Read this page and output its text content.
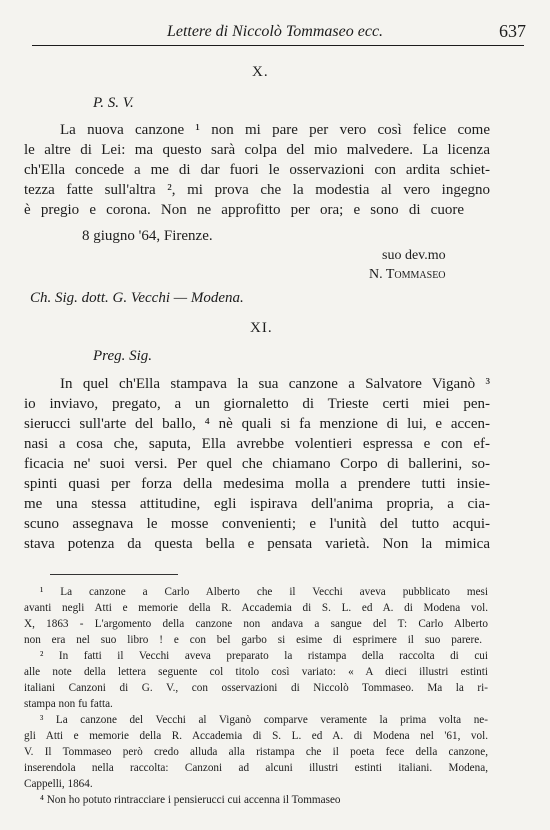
Lettere di Niccolò Tommaseo ecc.	637
X.
P. S. V.
La nuova canzone ¹ non mi pare per vero così felice come
le altre di Lei: ma questo sarà colpa del mio malvedere. La licenza
ch'Ella concede a me di dar fuori le osservazioni con ardita schiet-
tezza fatte sull'altra ², mi prova che la modestia al vero ingegno
è pregio e corona. Non ne approfitto per ora; e sono di cuore
8 giugno '64, Firenze.
suo dev.mo
N. Tommaseo
Ch. Sig. dott. G. Vecchi — Modena.
XI.
Preg. Sig.
In quel ch'Ella stampava la sua canzone a Salvatore Viganò ³
io inviavo, pregato, a un giornaletto di Trieste certi miei pen-
sierucci sull'arte del ballo, ⁴ nè quali si fa menzione di lui, e accen-
nasi a cosa che, saputa, Ella avrebbe volentieri espressa e con ef-
ficacia ne' suoi versi. Per quel che chiamano Corpo di ballerini, so-
spinti quasi per forza della medesima molla a prendere tutti insie-
me una stessa attitudine, egli ispirava dell'anima propria, a cia-
scuno assegnava le mosse convenienti; e l'unità del tutto acqui-
stava potenza da questa bella e pensata varietà. Non la mimica
¹ La canzone a Carlo Alberto che il Vecchi aveva pubblicato mesi
avanti negli Atti e memorie della R. Accademia di S. L. ed A. di Modena vol.
X, 1863 - L'argomento della canzone non andava a sangue del T: Carlo Alberto
non era nel suo libro ! e con bel garbo si esime di esprimere il suo parere.
² In fatti il Vecchi aveva preparato la ristampa della raccolta di cui
alle note della lettera seguente col titolo così variato: « A dieci illustri estinti
italiani Canzoni di G. V., con osservazioni di Niccolò Tommaseo. Ma la ri-
stampa non fu fatta.
³ La canzone del Vecchi al Viganò comparve veramente la prima volta ne-
gli Atti e memorie della R. Accademia di S. L. ed A. di Modena nel '61, vol.
V. Il Tommaseo però credo alluda alla ristampa che il poeta fece della canzone,
inserendola nella raccolta: Canzoni ad alcuni illustri estinti italiani. Modena,
Cappelli, 1864.
⁴ Non ho potuto rintracciare i pensierucci cui accenna il Tommaseo
